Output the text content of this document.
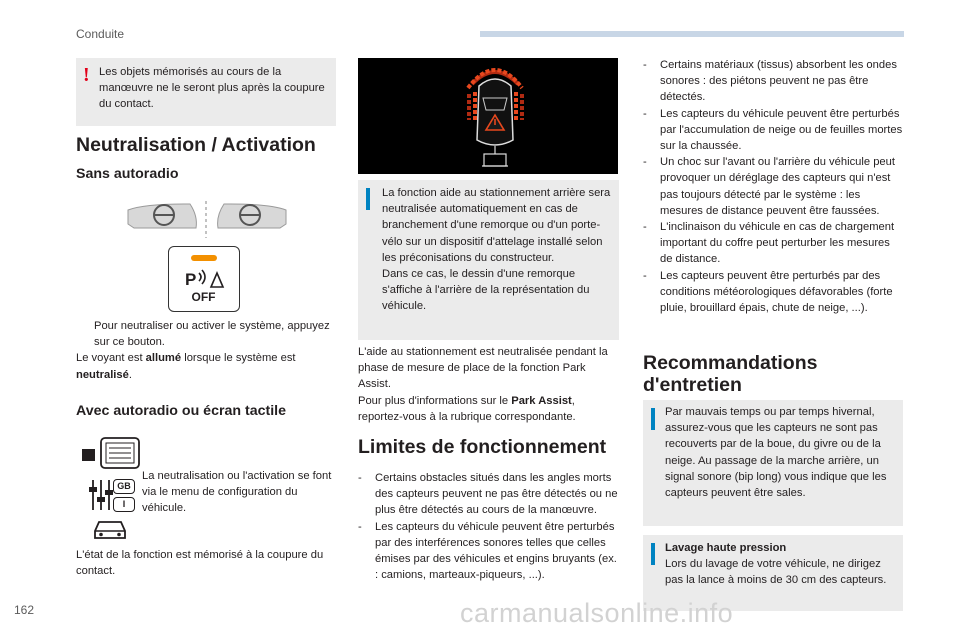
Conduite
! Les objets mémorisés au cours de la manœuvre ne le seront plus après la coupure du contact.
Neutralisation / Activation
Sans autoradio
P
OFF
Pour neutraliser ou activer le système, appuyez sur ce bouton.
Le voyant est allumé lorsque le système est neutralisé.
Avec autoradio ou écran tactile
GB
I
La neutralisation ou l'activation se font via le menu de configuration du véhicule.
L'état de la fonction est mémorisé à la coupure du contact.
La fonction aide au stationnement arrière sera neutralisée automatiquement en cas de branchement d'une remorque ou d'un porte-vélo sur un dispositif d'attelage installé selon les préconisations du constructeur.
Dans ce cas, le dessin d'une remorque s'affiche à l'arrière de la représentation du véhicule.
L'aide au stationnement est neutralisée pendant la phase de mesure de place de la fonction Park Assist.
Pour plus d'informations sur le Park Assist, reportez-vous à la rubrique correspondante.
Limites de fonctionnement
- Certains obstacles situés dans les angles morts des capteurs peuvent ne pas être détectés ou ne plus être détectés au cours de la manœuvre.
- Les capteurs du véhicule peuvent être perturbés par des interférences sonores telles que celles émises par des véhicules et engins bruyants (ex. : camions, marteaux-piqueurs, ...).
- Certains matériaux (tissus) absorbent les ondes sonores : des piétons peuvent ne pas être détectés.
- Les capteurs du véhicule peuvent être perturbés par l'accumulation de neige ou de feuilles mortes sur la chaussée.
- Un choc sur l'avant ou l'arrière du véhicule peut provoquer un déréglage des capteurs qui n'est pas toujours détecté par le système : les mesures de distance peuvent être faussées.
- L'inclinaison du véhicule en cas de chargement important du coffre peut perturber les mesures de distance.
- Les capteurs peuvent être perturbés par des conditions météorologiques défavorables (forte pluie, brouillard épais, chute de neige, ...).
Recommandations
d'entretien
Par mauvais temps ou par temps hivernal, assurez-vous que les capteurs ne sont pas recouverts par de la boue, du givre ou de la neige. Au passage de la marche arrière, un signal sonore (bip long) vous indique que les capteurs peuvent être sales.
Lavage haute pression
Lors du lavage de votre véhicule, ne dirigez pas la lance à moins de 30 cm des capteurs.
162	carmanualsonline.info
